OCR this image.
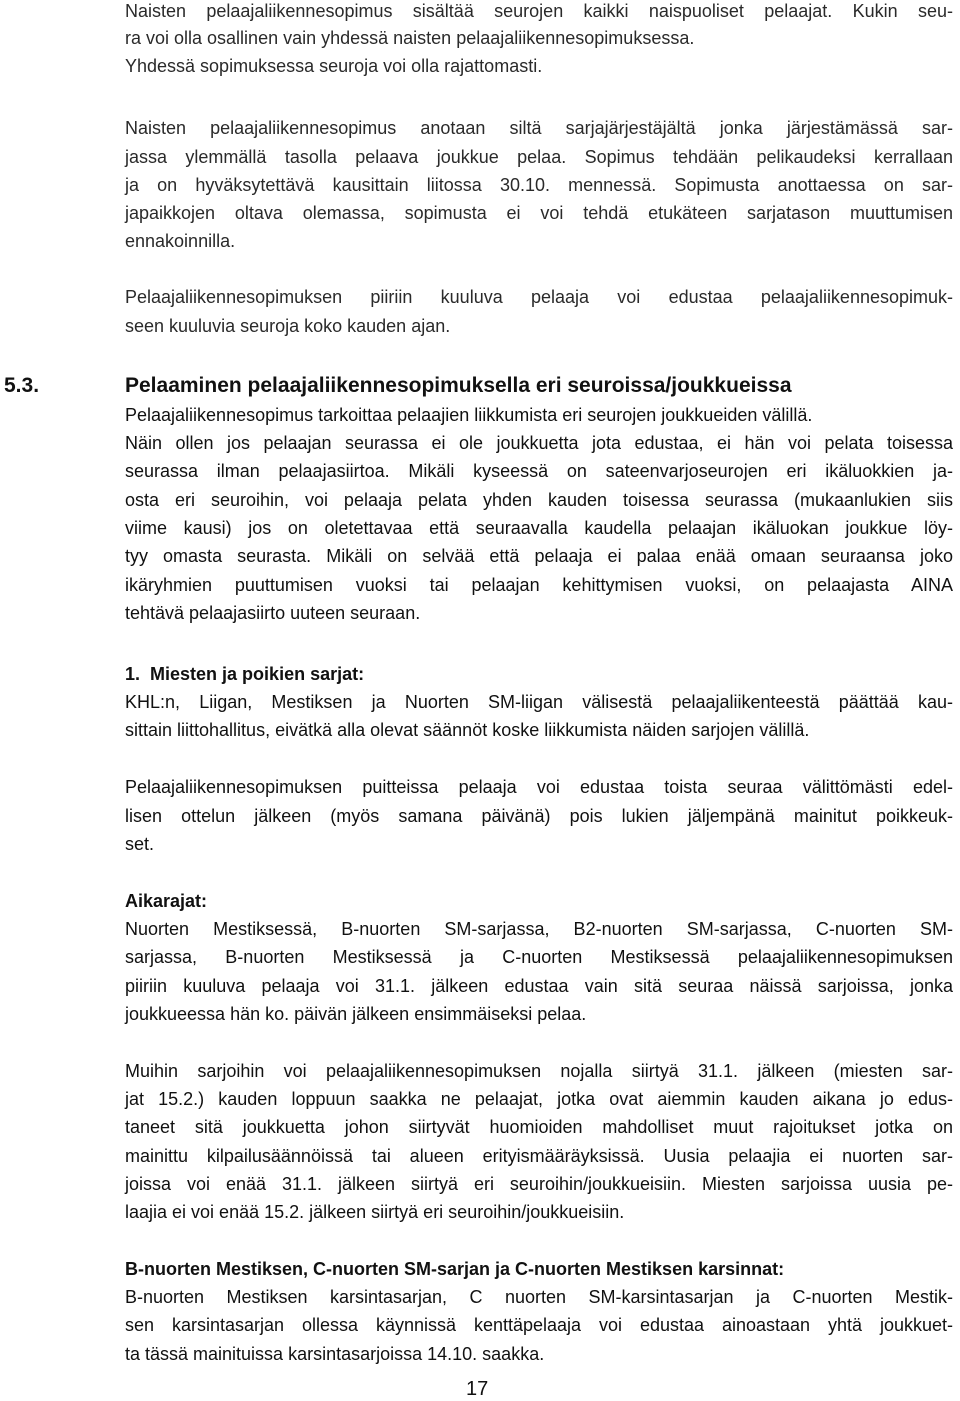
Naisten pelaajaliikennesopimus sisältää seurojen kaikki naispuoliset pelaajat. Kukin seu-
ra voi olla osallinen vain yhdessä naisten pelaajaliikennesopimuksessa.
Yhdessä sopimuksessa seuroja voi olla rajattomasti.
Naisten pelaajaliikennesopimus anotaan siltä sarjajärjestäjältä jonka järjestämässä sar-
jassa ylemmällä tasolla pelaava joukkue pelaa. Sopimus tehdään pelikaudeksi kerrallaan
ja on hyväksytettävä kausittain liitossa 30.10. mennessä. Sopimusta anottaessa on sar-
japaikkojen oltava olemassa, sopimusta ei voi tehdä etukäteen sarjatason muuttumisen
ennakoinnilla.
Pelaajaliikennesopimuksen piiriin kuuluva pelaaja voi edustaa pelaajaliikennesopimuk-
seen kuuluvia seuroja koko kauden ajan.
5.3.	Pelaaminen pelaajaliikennesopimuksella eri seuroissa/joukkueissa
Pelaajaliikennesopimus tarkoittaa pelaajien liikkumista eri seurojen joukkueiden välillä.
Näin ollen jos pelaajan seurassa ei ole joukkuetta jota edustaa, ei hän voi pelata toisessa
seurassa ilman pelaajasiirtoa. Mikäli kyseessä on sateenvarjoseurojen eri ikäluokkien ja-
osta eri seuroihin, voi pelaaja pelata yhden kauden toisessa seurassa (mukaanlukien siis
viime kausi) jos on oletettavaa että seuraavalla kaudella pelaajan ikäluokan joukkue löy-
tyy omasta seurasta. Mikäli on selvää että pelaaja ei palaa enää omaan seuraansa joko
ikäryhmien puuttumisen vuoksi tai pelaajan kehittymisen vuoksi, on pelaajasta AINA
tehtävä pelaajasiirto uuteen seuraan.
1. Miesten ja poikien sarjat:
KHL:n, Liigan, Mestiksen ja Nuorten SM-liigan välisestä pelaajaliikenteestä päättää kau-
sittain liittohallitus, eivätkä alla olevat säännöt koske liikkumista näiden sarjojen välillä.
Pelaajaliikennesopimuksen puitteissa pelaaja voi edustaa toista seuraa välittömästi edel-
lisen ottelun jälkeen (myös samana päivänä) pois lukien jäljempänä mainitut poikkeuk-
set.
Aikarajat:
Nuorten Mestiksessä, B-nuorten SM-sarjassa, B2-nuorten SM-sarjassa, C-nuorten SM-
sarjassa, B-nuorten Mestiksessä ja C-nuorten Mestiksessä pelaajaliikennesopimuksen
piiriin kuuluva pelaaja voi 31.1. jälkeen edustaa vain sitä seuraa näissä sarjoissa, jonka
joukkueessa hän ko. päivän jälkeen ensimmäiseksi pelaa.
Muihin sarjoihin voi pelaajaliikennesopimuksen nojalla siirtyä 31.1. jälkeen (miesten sar-
jat 15.2.) kauden loppuun saakka ne pelaajat, jotka ovat aiemmin kauden aikana jo edus-
taneet sitä joukkuetta johon siirtyvät huomioiden mahdolliset muut rajoitukset jotka on
mainittu kilpailusäännöissä tai alueen erityismääräyksissä. Uusia pelaajia ei nuorten sar-
joissa voi enää 31.1. jälkeen siirtyä eri seuroihin/joukkueisiin. Miesten sarjoissa uusia pe-
laajia ei voi enää 15.2. jälkeen siirtyä eri seuroihin/joukkueisiin.
B-nuorten Mestiksen, C-nuorten SM-sarjan ja C-nuorten Mestiksen karsinnat:
B-nuorten Mestiksen karsintasarjan, C nuorten SM-karsintasarjan ja C-nuorten Mestik-
sen karsintasarjan ollessa käynnissä kenttäpelaaja voi edustaa ainoastaan yhtä joukkuet-
ta tässä mainituissa karsintasarjoissa 14.10. saakka.
17
